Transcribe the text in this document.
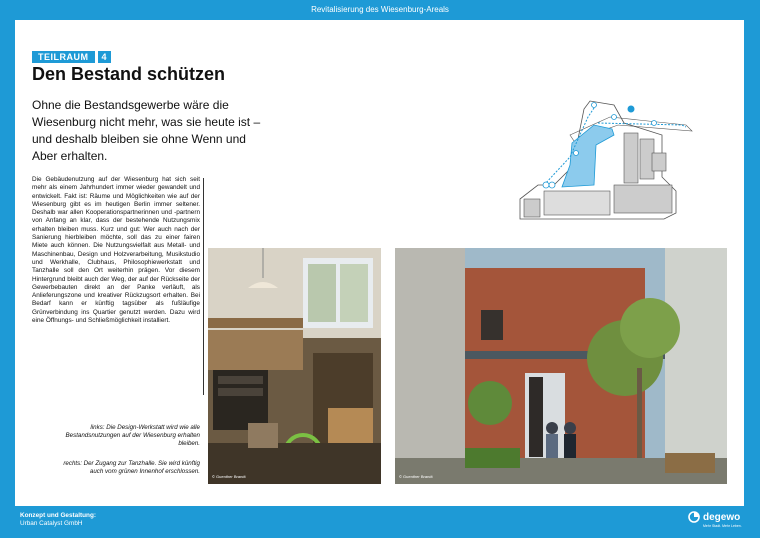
Revitalisierung des Wiesenburg-Areals
TEILRAUM	4
Den Bestand schützen
Ohne die Bestandsgewerbe wäre die Wiesenburg nicht mehr, was sie heute ist – und deshalb bleiben sie ohne Wenn und Aber erhalten.
Die Gebäudenutzung auf der Wiesenburg hat sich seit mehr als einem Jahrhundert immer wieder gewandelt und entwickelt. Fakt ist: Räume und Möglichkeiten wie auf der Wiesenburg gibt es im heutigen Berlin immer seltener. Deshalb war allen Kooperationspartnerinnen und -partnern von Anfang an klar, dass der bestehende Nutzungsmix erhalten bleiben muss. Kurz und gut: Wer auch nach der Sanierung hierbleiben möchte, soll das zu einer fairen Miete auch können. Die Nutzungsvielfalt aus Metall- und Maschinenbau, Design und Holzverarbeitung, Musikstudio und Werkhalle, Clubhaus, Philosophiewerkstatt und Tanzhalle soll den Ort weiterhin prägen. Vor diesem Hintergrund bleibt auch der Weg, der auf der Rückseite der Gewerbebauten direkt an der Panke verläuft, als Anlieferungszone und kreativer Rückzugsort erhalten. Bei Bedarf kann er künftig tagsüber als fußläufige Grünverbindung ins Quartier genutzt werden. Dazu wird eine Öffnungs- und Schließmöglichkeit installiert.
links: Die Design-Werkstatt wird wie alle Bestandsnutzungen auf der Wiesenburg erhalten bleiben.
rechts: Der Zugang zur Tanzhalle. Sie wird künftig auch vom grünen Innenhof erschlossen.
© Guenther Brandt	© Guenther Brandt
Konzept und Gestaltung:
Urban Catalyst GmbH
degewo
Mehr Stadt. Mehr Leben.
